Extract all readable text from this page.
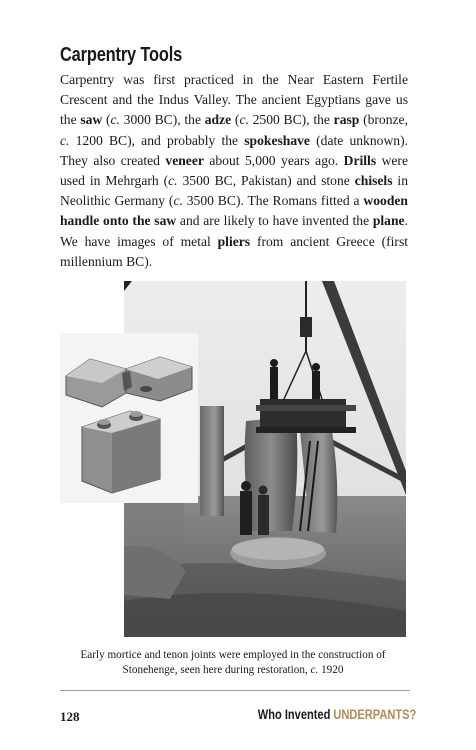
Carpentry Tools
Carpentry was first practiced in the Near Eastern Fertile Crescent and the Indus Valley. The ancient Egyptians gave us the saw (c. 3000 BC), the adze (c. 2500 BC), the rasp (bronze, c. 1200 BC), and probably the spokeshave (date unknown). They also created veneer about 5,000 years ago. Drills were used in Mehrgarh (c. 3500 BC, Pakistan) and stone chisels in Neolithic Germany (c. 3500 BC). The Romans fitted a wooden handle onto the saw and are likely to have invented the plane. We have images of metal pliers from ancient Greece (first millennium BC).
Early mortice and tenon joints were employed in the construction of Stonehenge, seen here during restoration, c. 1920
128	Who Invented UNDERPANTS?
